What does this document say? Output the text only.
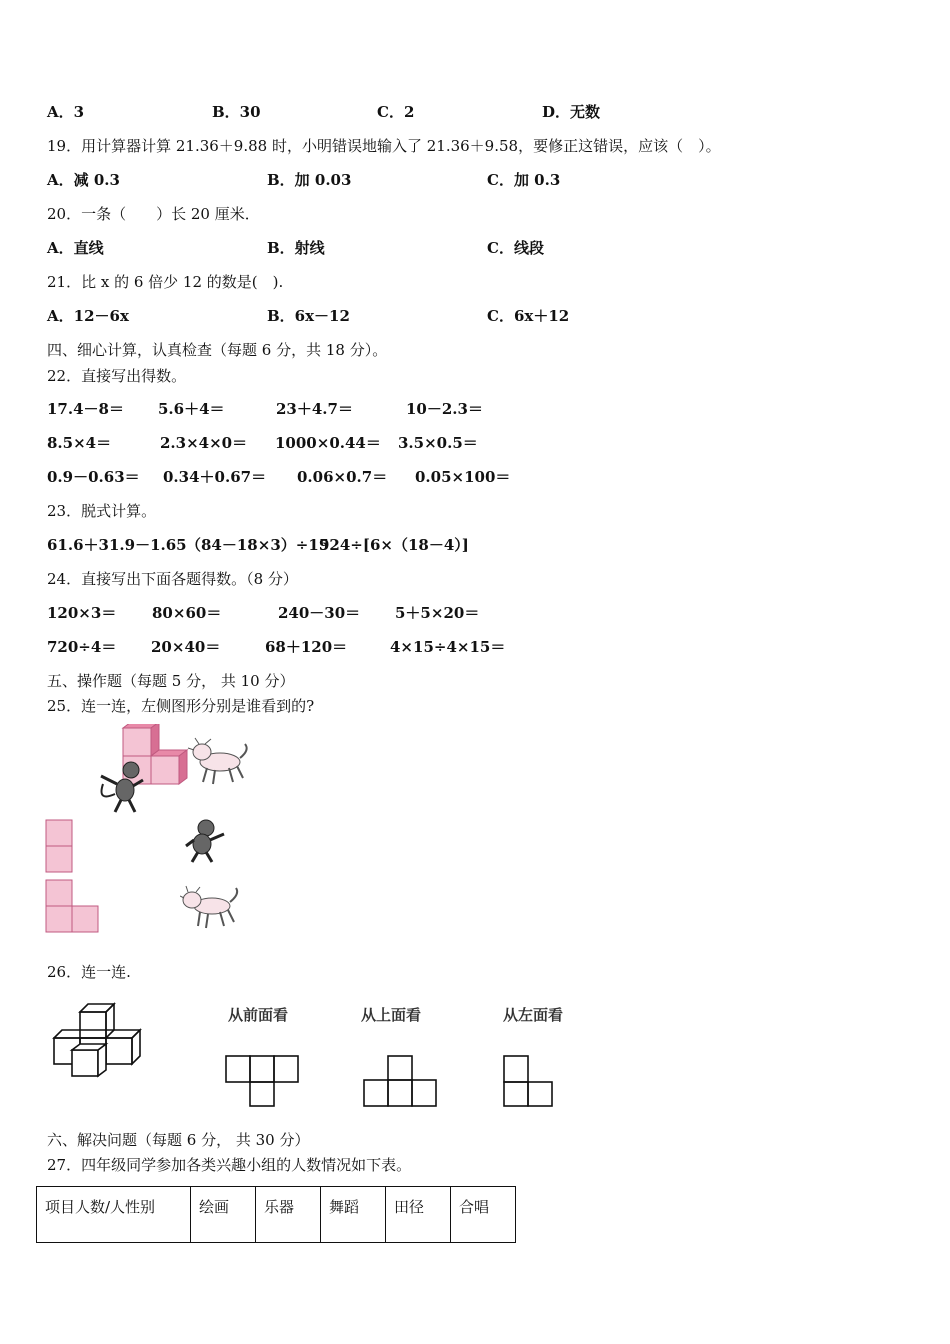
A．3	B．30	C．2	D．无数
19．用计算器计算 21.36＋9.88 时，小明错误地输入了 21.36＋9.58，要修正这错误，应该（　）。
A．减 0.3	B．加 0.03	C．加 0.3
20．一条（　　）长 20 厘米．
A．直线	B．射线	C．线段
21．比 x 的 6 倍少 12 的数是(　).
A．12－6x	B．6x－12	C．6x＋12
四、细心计算，认真检查（每题 6 分，共 18 分）。
22．直接写出得数。
17.4－8＝ 5.6＋4＝	23＋4.7＝	10－2.3＝
8.5×4＝	2.3×4×0＝ 1000×0.44＝ 3.5×0.5＝
0.9－0.63＝ 0.34＋0.67＝ 0.06×0.7＝ 0.05×100＝
23．脱式计算。
61.6＋31.9－1.65 （84－18×3）÷15
924÷[6×（18－4）]
24．直接写出下面各题得数。（8 分）
120×3＝ 80×60＝	240－30＝ 5＋5×20＝
720÷4＝ 20×40＝	68＋120＝	4×15÷4×15＝
五、操作题（每题 5 分， 共 10 分）
25．连一连，左侧图形分别是谁看到的?
26．连一连.
从前面看	从上面看	从左面看
六、解决问题（每题 6 分， 共 30 分）
27．四年级同学参加各类兴趣小组的人数情况如下表。
项目人数/人性别	绘画	乐器	舞蹈	田径	合唱
